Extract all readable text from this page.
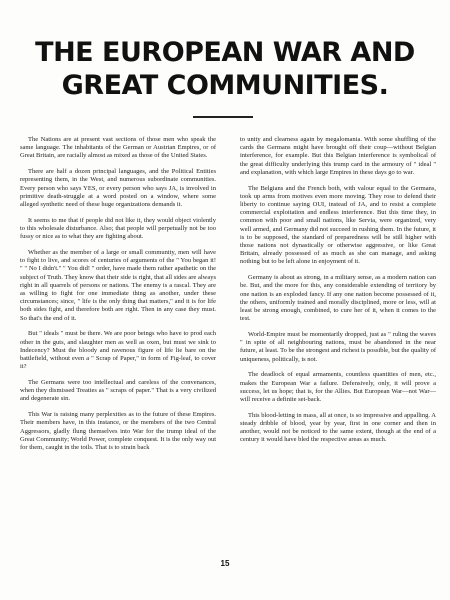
THE EUROPEAN WAR AND GREAT COMMUNITIES.

The Nations are at present vast sections of those men who speak the same language. The inhabitants of the German or Austrian Empires, or of Great Britain, are racially almost as mixed as those of the United States.

There are half a dozen principal languages, and the Political Entities representing them, in the West, and numerous subordinate communities. Every person who says YES, or every person who says JA, is involved in primitive death-struggle at a word posted on a window, where some alleged synthetic need of these huge organizations demands it.

It seems to me that if people did not like it, they would object violently to this wholesale disturbance. Also; that people will perpetually not be too fussy or nice as to what they are fighting about.

Whether as the member of a large or small community, men will have to fight to live, and scores of centuries of arguments of the " You began it! " " No I didn't." " You did! " order, have made them rather apathetic on the subject of Truth. They know that their side is right, that all sides are always right in all quarrels of persons or nations. The enemy is a rascal. They are as willing to fight for one immediate thing as another, under these circumstances; since, " life is the only thing that matters," and it is for life both sides fight, and therefore both are right. Then in any case they must. So that's the end of it.

But " ideals " must be there. We are poor beings who have to prod each other in the guts, and slaughter men as well as oxen, but must we sink to Indecency? Must the bloody and ravenous figure of life lie bare on the battlefield, without even a " Scrap of Paper," in form of Fig-leaf, to cover it?

The Germans were too intellectual and careless of the convenances, when they dismissed Treaties as " scraps of paper." That is a very civilized and degenerate sin.

This War is raising many perplexities as to the future of these Empires. Their members have, in this instance, or the members of the two Central Aggressors, gladly flung themselves into War for the trump ideal of the Great Community; World Power, complete conquest. It is the only way out for them, caught in the toils. That is to strain back

to unity and clearness again by megalomania. With some shuffling of the cards the Germans might have brought off their coup—without Belgian interference, for example. But this Belgian interference is symbolical of the great difficulty underlying this trump card in the armoury of " ideal " and explanation, with which large Empires in these days go to war.

The Belgians and the French both, with valour equal to the Germans, took up arms from motives even more moving. They rose to defend their liberty to continue saying OUI, instead of JA, and to resist a complete commercial exploitation and endless interference. But this time they, in common with poor and small nations, like Servia, were organized, very well armed, and Germany did not succeed in rushing them. In the future, it is to be supposed, the standard of preparedness will be still higher with those nations not dynastically or otherwise aggressive, or like Great Britain, already possessed of as much as she can manage, and asking nothing but to be left alone in enjoyment of it.

Germany is about as strong, in a military sense, as a modern nation can be. But, and the more for this, any considerable extending of territory by one nation is an exploded fancy. If any one nation become possessed of it, the others, uniformly trained and morally disciplined, more or less, will at least be strong enough, combined, to cure her of it, when it comes to the test.

World-Empire must be momentarily dropped, just as " ruling the waves " in spite of all neighbouring nations, must be abandoned in the near future, at least. To be the strongest and richest is possible, but the quality of uniqueness, politically, is not.

The deadlock of equal armaments, countless quantities of men, etc., makes the European War a failure. Defensively, only, it will prove a success, let us hope; that is, for the Allies. But European War—not War—will receive a definite set-back.

This blood-letting in mass, all at once, is so impressive and appalling. A steady dribble of blood, year by year, first in one corner and then in another, would not be noticed to the same extent, though at the end of a century it would have bled the respective areas as much.

15
